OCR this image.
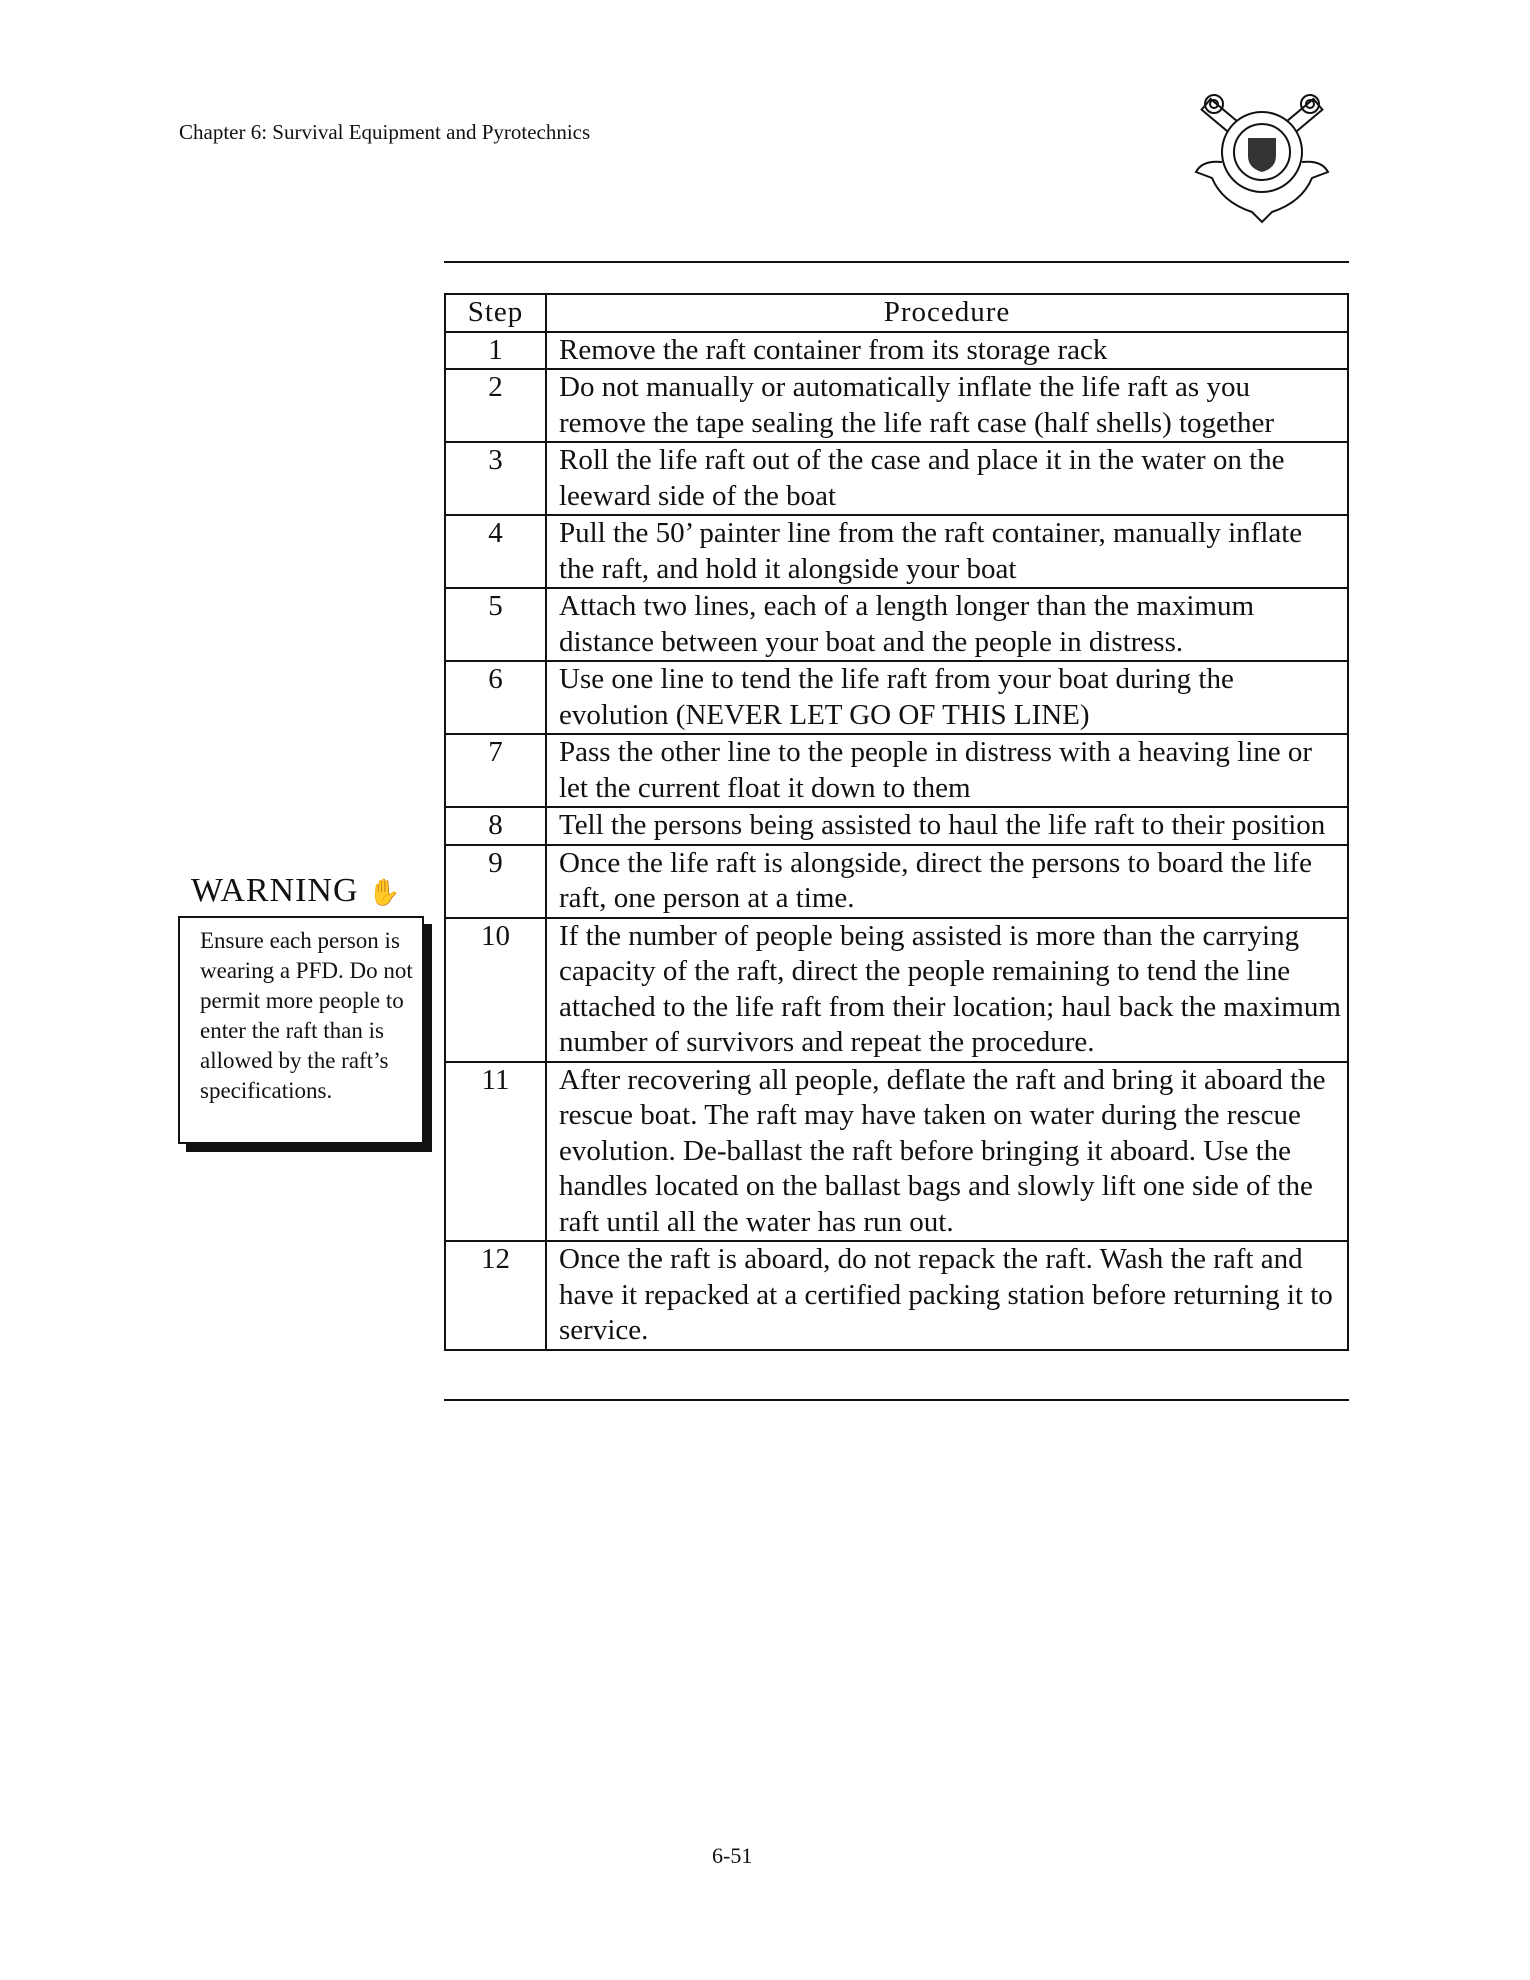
Chapter 6: Survival Equipment and Pyrotechnics
Step	Procedure
1	Remove the raft container from its storage rack
2	Do not manually or automatically inflate the life raft as you remove the tape sealing the life raft case (half shells) together
3	Roll the life raft out of the case and place it in the water on the leeward side of the boat
4	Pull the 50’ painter line from the raft container, manually inflate the raft, and hold it alongside your boat
5	Attach two lines, each of a length longer than the maximum distance between your boat and the people in distress.
6	Use one line to tend the life raft from your boat during the evolution (NEVER LET GO OF THIS LINE)
7	Pass the other line to the people in distress with a heaving line or let the current float it down to them
8	Tell the persons being assisted to haul the life raft to their position
9	Once the life raft is alongside, direct the persons to board the life raft, one person at a time.
10	If the number of people being assisted is more than the carrying capacity of the raft, direct the people remaining to tend the line attached to the life raft from their location; haul back the maximum number of survivors and repeat the procedure.
11	After recovering all people, deflate the raft and bring it aboard the rescue boat. The raft may have taken on water during the rescue evolution. De-ballast the raft before bringing it aboard. Use the handles located on the ballast bags and slowly lift one side of the raft until all the water has run out.
12	Once the raft is aboard, do not repack the raft. Wash the raft and have it repacked at a certified packing station before returning it to service.
WARNING ✋
Ensure each person is wearing a PFD. Do not permit more people to enter the raft than is allowed by the raft’s specifications.
6-51
